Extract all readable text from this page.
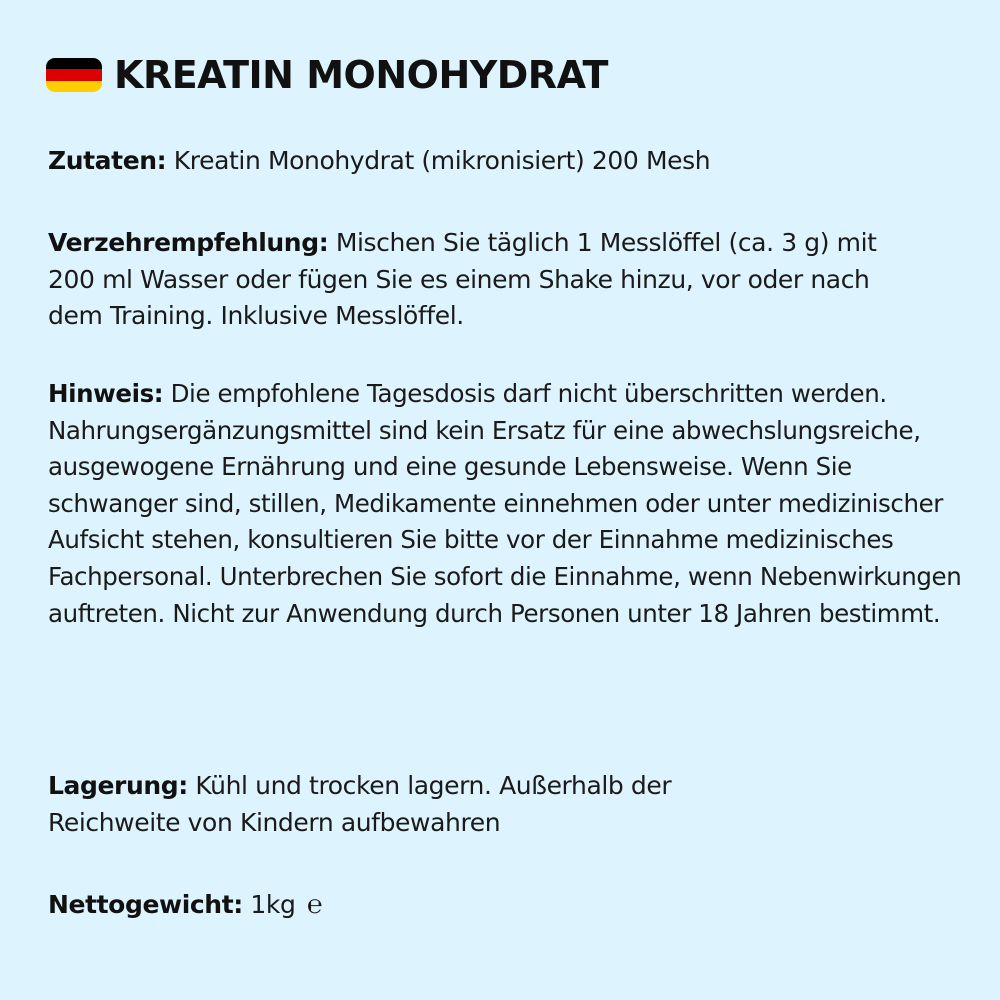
KREATIN MONOHYDRAT
Zutaten: Kreatin Monohydrat (mikronisiert) 200 Mesh
Verzehrempfehlung: Mischen Sie täglich 1 Messlöffel (ca. 3 g) mit 200 ml Wasser oder fügen Sie es einem Shake hinzu, vor oder nach dem Training. Inklusive Messlöffel.
Hinweis: Die empfohlene Tagesdosis darf nicht überschritten werden. Nahrungsergänzungsmittel sind kein Ersatz für eine abwechslungsreiche, ausgewogene Ernährung und eine gesunde Lebensweise. Wenn Sie schwanger sind, stillen, Medikamente einnehmen oder unter medizinischer Aufsicht stehen, konsultieren Sie bitte vor der Einnahme medizinisches Fachpersonal. Unterbrechen Sie sofort die Einnahme, wenn Nebenwirkungen auftreten. Nicht zur Anwendung durch Personen unter 18 Jahren bestimmt.
Lagerung: Kühl und trocken lagern. Außerhalb der Reichweite von Kindern aufbewahren
Nettogewicht: 1kg ℮
